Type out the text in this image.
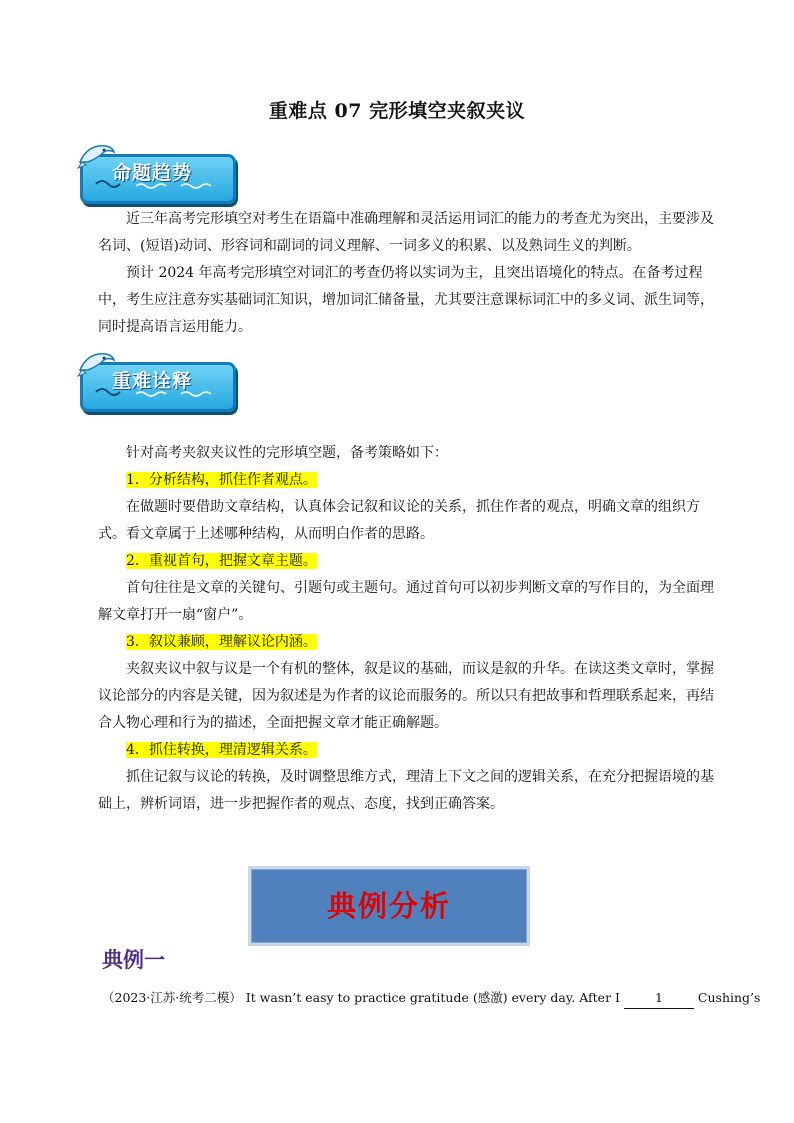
重难点 07 完形填空夹叙夹议
命题趋势

近三年高考完形填空对考生在语篇中准确理解和灵活运用词汇的能力的考查尤为突出，主要涉及名词、(短语)动词、形容词和副词的词义理解、一词多义的积累、以及熟词生义的判断。

预计 2024 年高考完形填空对词汇的考查仍将以实词为主，且突出语境化的特点。在备考过程中，考生应注意夯实基础词汇知识，增加词汇储备量，尤其要注意课标词汇中的多义词、派生词等，同时提高语言运用能力。

重难诠释

针对高考夹叙夹议性的完形填空题，备考策略如下：

1．分析结构，抓住作者观点。

在做题时要借助文章结构，认真体会记叙和议论的关系，抓住作者的观点，明确文章的组织方式。看文章属于上述哪种结构，从而明白作者的思路。

2．重视首句，把握文章主题。

首句往往是文章的关键句、引题句或主题句。通过首句可以初步判断文章的写作目的，为全面理解文章打开一扇“窗户”。

3．叙议兼顾，理解议论内涵。

夹叙夹议中叙与议是一个有机的整体，叙是议的基础，而议是叙的升华。在读这类文章时，掌握议论部分的内容是关键，因为叙述是为作者的议论而服务的。所以只有把故事和哲理联系起来，再结合人物心理和行为的描述，全面把握文章才能正确解题。

4．抓住转换，理清逻辑关系。

抓住记叙与议论的转换，及时调整思维方式，理清上下文之间的逻辑关系，在充分把握语境的基础上，辨析词语，进一步把握作者的观点、态度，找到正确答案。

典例分析
典例一
（2023·江苏·统考二模） It wasn’t easy to practice gratitude (感激) every day. After I	1	Cushing’s
